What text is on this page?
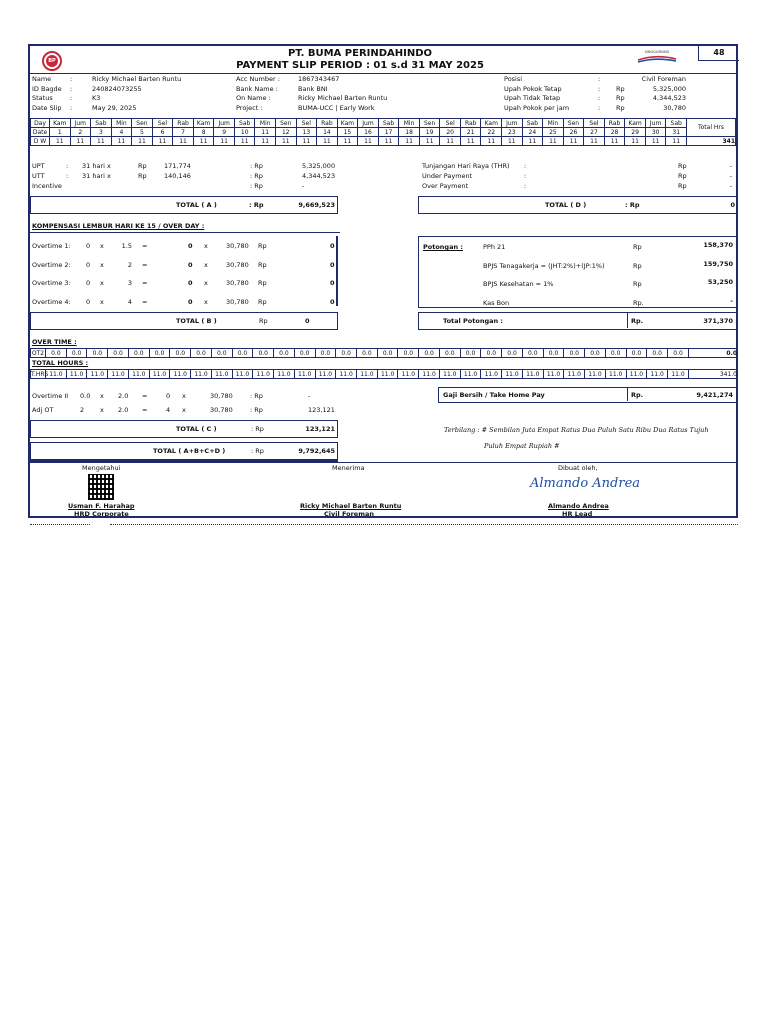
BP
PT. BUMA PERINDAHINDO
PAYMENT SLIP PERIOD : 01 s.d 31 MAY 2025
SINGGUMUNG	48
Day	Kam	Jum	Sab	Min	Sen	Sel	Rab	Kam	Jum	Sab	Min	Sen	Sel	Rab	Kam	Jum	Sab	Min	Sen	Sel	Rab	Kam	Jum	Sab	Min	Sen	Sel	Rab	Kam	Jum	Sab	Total Hrs
Date	1	2	3	4	5	6	7	8	9	10	11	12	13	14	15	16	17	18	19	20	21	22	23	24	25	26	27	28	29	30	31	
D W	11	11	11	11	11	11	11	11	11	11	11	11	11	11	11	11	11	11	11	11	11	11	11	11	11	11	11	11	11	11	11	341
TOTAL ( A )	: Rp	9,669,523	TOTAL ( D )	: Rp	0
KOMPENSASI LEMBUR HARI KE 15 / OVER DAY :
Potongan :	PPh 21	Rp	158,370
BPJS Tenagakerja = (JHT:2%)+(JP:1%)	Rp	159,750
BPJS Kesehatan = 1%	Rp	53,250
Kas Bon	Rp.	-
TOTAL ( B )	Rp	0	Total Potongan :	Rp.	371,370
OVER TIME :
OT2	0.0	0.0	0.0	0.0	0.0	0.0	0.0	0.0	0.0	0.0	0.0	0.0	0.0	0.0	0.0	0.0	0.0	0.0	0.0	0.0	0.0	0.0	0.0	0.0	0.0	0.0	0.0	0.0	0.0	0.0	0.0	0.0
TOTAL HOURS :
T.HRS	11.0	11.0	11.0	11.0	11.0	11.0	11.0	11.0	11.0	11.0	11.0	11.0	11.0	11.0	11.0	11.0	11.0	11.0	11.0	11.0	11.0	11.0	11.0	11.0	11.0	11.0	11.0	11.0	11.0	11.0	11.0	341.0
Gaji Bersih / Take Home Pay	Rp.	9,421,274
TOTAL ( C )	: Rp	123,121	Terbilang : # Sembilan Juta Empat Ratus Dua Puluh Satu Ribu Dua Ratus Tujuh
Puluh Empat Rupiah #
TOTAL ( A+B+C+D )	: Rp	9,792,645
Mengetahui
Usman F. Harahap
HRD Corporate
Menerima
Ricky Michael Barten Runtu
Civil Foreman
Dibuat oleh,
Almando Andrea
Almando Andrea
HR Lead
Name	:	Ricky Michael Barten Runtu
ID Bagde :	240824073255
Status	:	K3
Date Slip :	May 29, 2025
Acc Number :	1867343467
Bank Name :	Bank BNI
On Name :	Ricky Michael Barten Runtu
Project :	BUMA-UCC | Early Work
Posisi	:	Civil Foreman
Upah Pokok Tetap	: Rp	5,325,000
Upah Tidak Tetap	: Rp	4,344,523
Upah Pokok per jam	: Rp	30,780
UPT	: 31 hari x	Rp	171,774	: Rp	5,325,000
UTT	: 31 hari x	Rp	140,146	: Rp	4,344,523
Incentive	: Rp	-
Tunjangan Hari Raya (THR) :	Rp	-
Under Payment	:	Rp	-
Over Payment	:	Rp	-
Overtime 1: 0 x	1.5 =	0 x	30,780 Rp	0
Overtime 2: 0 x	2 =	0 x	30,780 Rp	0
Overtime 3: 0 x	3 =	0 x	30,780 Rp	0
Overtime 4: 0 x	4 =	0 x	30,780 Rp	0
Overtime II 0.0 x 2.0 =	0 x	30,780	: Rp	-
Adj OT	2 x 2.0 =	4 x	30,780	: Rp	123,121
